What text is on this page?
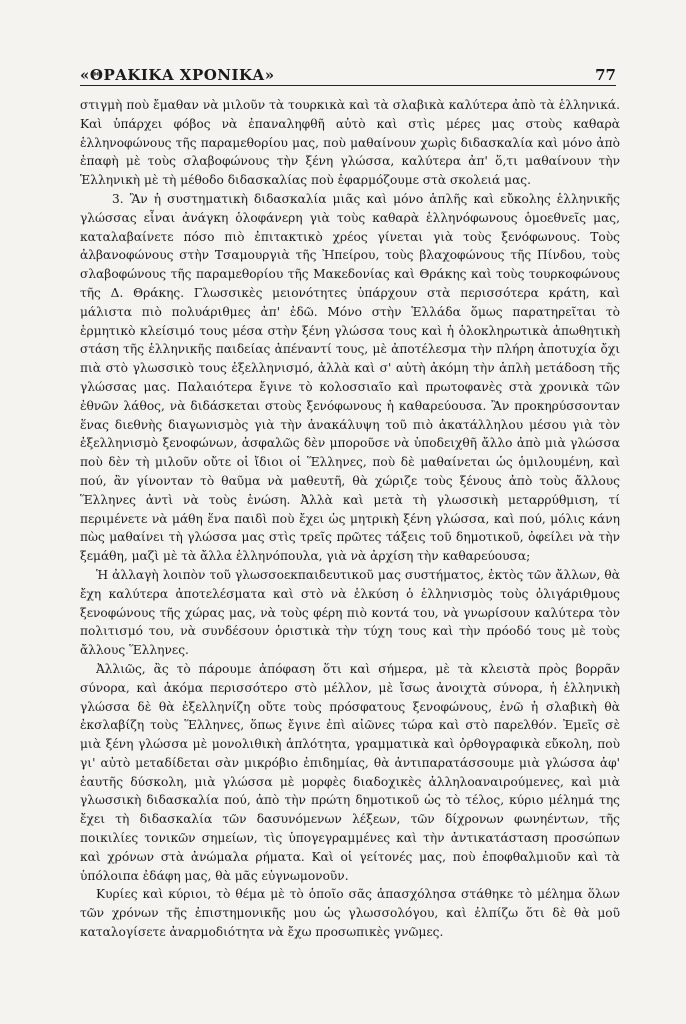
«ΘΡΑΚΙΚΑ ΧΡΟΝΙΚΑ»	77

στιγμὴ ποὺ ἔμαθαν νὰ μιλοῦν τὰ τουρκικὰ καὶ τὰ σλαβικὰ καλύτερα ἀπὸ τὰ ἑλληνικά. Καὶ ὑπάρχει φόβος νὰ ἐπαναληφθῆ αὐτὸ καὶ στὶς μέρες μας στοὺς καθαρὰ ἑλληνοφώνους τῆς παραμεθορίου μας, ποὺ μαθαίνουν χωρὶς διδασκαλία καὶ μόνο ἀπὸ ἐπαφὴ μὲ τοὺς σλαβοφώνους τὴν ξένη γλώσσα, καλύτερα ἀπ' ὅ,τι μαθαίνουν τὴν Ἑλληνικὴ μὲ τὴ μέθοδο διδασκαλίας ποὺ ἐφαρμόζουμε στὰ σκολειά μας.

3. Ἂν ἡ συστηματικὴ διδασκαλία μιᾶς καὶ μόνο ἁπλῆς καὶ εὔκολης ἑλληνικῆς γλώσσας εἶναι ἀνάγκη ὁλοφάνερη γιὰ τοὺς καθαρὰ ἑλληνόφωνους ὁμοεθνεῖς μας, καταλαβαίνετε πόσο πιὸ ἐπιτακτικὸ χρέος γίνεται γιὰ τοὺς ξενόφωνους. Τοὺς ἀλβανοφώνους στὴν Τσαμουργιὰ τῆς Ἠπείρου, τοὺς βλαχοφώνους τῆς Πίνδου, τοὺς σλαβοφώνους τῆς παραμεθορίου τῆς Μακεδονίας καὶ Θράκης καὶ τοὺς τουρκοφώνους τῆς Δ. Θράκης. Γλωσσικὲς μειονότητες ὑπάρχουν στὰ περισσότερα κράτη, καὶ μάλιστα πιὸ πολυάριθμες ἀπ' ἐδῶ. Μόνο στὴν Ἑλλάδα ὅμως παρατηρεῖται τὸ ἑρμητικὸ κλείσιμό τους μέσα στὴν ξένη γλώσσα τους καὶ ἡ ὁλοκληρωτικὰ ἀπωθητικὴ στάση τῆς ἑλληνικῆς παιδείας ἀπέναντί τους, μὲ ἀποτέλεσμα τὴν πλήρη ἀποτυχία ὄχι πιὰ στὸ γλωσσικὸ τους ἐξελληνισμό, ἀλλὰ καὶ σ' αὐτὴ ἀκόμη τὴν ἁπλὴ μετάδοση τῆς γλώσσας μας. Παλαιότερα ἔγινε τὸ κολοσσιαῖο καὶ πρωτοφανὲς στὰ χρονικὰ τῶν ἐθνῶν λάθος, νὰ διδάσκεται στοὺς ξενόφωνους ἡ καθαρεύουσα. Ἂν προκηρύσσονταν ἕνας διεθνὴς διαγωνισμὸς γιὰ τὴν ἀνακάλυψη τοῦ πιὸ ἀκατάλληλου μέσου γιὰ τὸν ἐξελληνισμὸ ξενοφώνων, ἀσφαλῶς δὲν μποροῦσε νὰ ὑποδειχθῆ ἄλλο ἀπὸ μιὰ γλώσσα ποὺ δὲν τὴ μιλοῦν οὔτε οἱ ἴδιοι οἱ Ἕλληνες, ποὺ δὲ μαθαίνεται ὡς ὁμιλουμένη, καὶ πού, ἂν γίνονταν τὸ θαῦμα νὰ μαθευτῆ, θὰ χώριζε τοὺς ξένους ἀπὸ τοὺς ἄλλους Ἕλληνες ἀντὶ νὰ τοὺς ἑνώση. Ἀλλὰ καὶ μετὰ τὴ γλωσσικὴ μεταρρύθμιση, τί περιμένετε νὰ μάθη ἕνα παιδὶ ποὺ ἔχει ὡς μητρικὴ ξένη γλώσσα, καὶ πού, μόλις κάνη πὼς μαθαίνει τὴ γλώσσα μας στὶς τρεῖς πρῶτες τάξεις τοῦ δημοτικοῦ, ὀφείλει νὰ τὴν ξεμάθη, μαζὶ μὲ τὰ ἄλλα ἑλληνόπουλα, γιὰ νὰ ἀρχίση τὴν καθαρεύουσα;

Ἡ ἀλλαγὴ λοιπὸν τοῦ γλωσσοεκπαιδευτικοῦ μας συστήματος, ἐκτὸς τῶν ἄλλων, θὰ ἔχη καλύτερα ἀποτελέσματα καὶ στὸ νὰ ἑλκύση ὁ ἑλληνισμὸς τοὺς ὀλιγάριθμους ξενοφώνους τῆς χώρας μας, νὰ τοὺς φέρη πιὸ κοντά του, νὰ γνωρίσουν καλύτερα τὸν πολιτισμό του, νὰ συνδέσουν ὁριστικὰ τὴν τύχη τους καὶ τὴν πρόοδό τους μὲ τοὺς ἄλλους Ἕλληνες.

Ἀλλιῶς, ἂς τὸ πάρουμε ἀπόφαση ὅτι καὶ σήμερα, μὲ τὰ κλειστὰ πρὸς βορρᾶν σύνορα, καὶ ἀκόμα περισσότερο στὸ μέλλον, μὲ ἴσως ἀνοιχτὰ σύνορα, ἡ ἑλληνικὴ γλώσσα δὲ θὰ ἐξελληνίζη οὔτε τοὺς πρόσφατους ξενοφώνους, ἐνῶ ἡ σλαβικὴ θὰ ἐκσλαβίζη τοὺς Ἕλληνες, ὅπως ἔγινε ἐπὶ αἰῶνες τώρα καὶ στὸ παρελθόν. Ἐμεῖς σὲ μιὰ ξένη γλώσσα μὲ μονολιθικὴ ἁπλότητα, γραμματικὰ καὶ ὀρθογραφικὰ εὔκολη, ποὺ γι' αὐτὸ μεταδίδεται σὰν μικρόβιο ἐπιδημίας, θὰ ἀντιπαρατάσσουμε μιὰ γλώσσα ἀφ' ἑαυτῆς δύσκολη, μιὰ γλώσσα μὲ μορφὲς διαδοχικὲς ἀλληλοαναιρούμενες, καὶ μιὰ γλωσσικὴ διδασκαλία πού, ἀπὸ τὴν πρώτη δημοτικοῦ ὡς τὸ τέλος, κύριο μέλημά της ἔχει τὴ διδασκαλία τῶν δασυνόμενων λέξεων, τῶν δίχρονων φωνηέντων, τῆς ποικιλίες τονικῶν σημείων, τὶς ὑπογεγραμμένες καὶ τὴν ἀντικατάσταση προσώπων καὶ χρόνων στὰ ἀνώμαλα ρήματα. Καὶ οἱ γείτονές μας, ποὺ ἐποφθαλμιοῦν καὶ τὰ ὑπόλοιπα ἐδάφη μας, θὰ μᾶς εὐγνωμονοῦν.

Κυρίες καὶ κύριοι, τὸ θέμα μὲ τὸ ὁποῖο σᾶς ἀπασχόλησα στάθηκε τὸ μέλημα ὅλων τῶν χρόνων τῆς ἐπιστημονικῆς μου ὡς γλωσσολόγου, καὶ ἐλπίζω ὅτι δὲ θὰ μοῦ καταλογίσετε ἀναρμοδιότητα νὰ ἔχω προσωπικὲς γνῶμες.
